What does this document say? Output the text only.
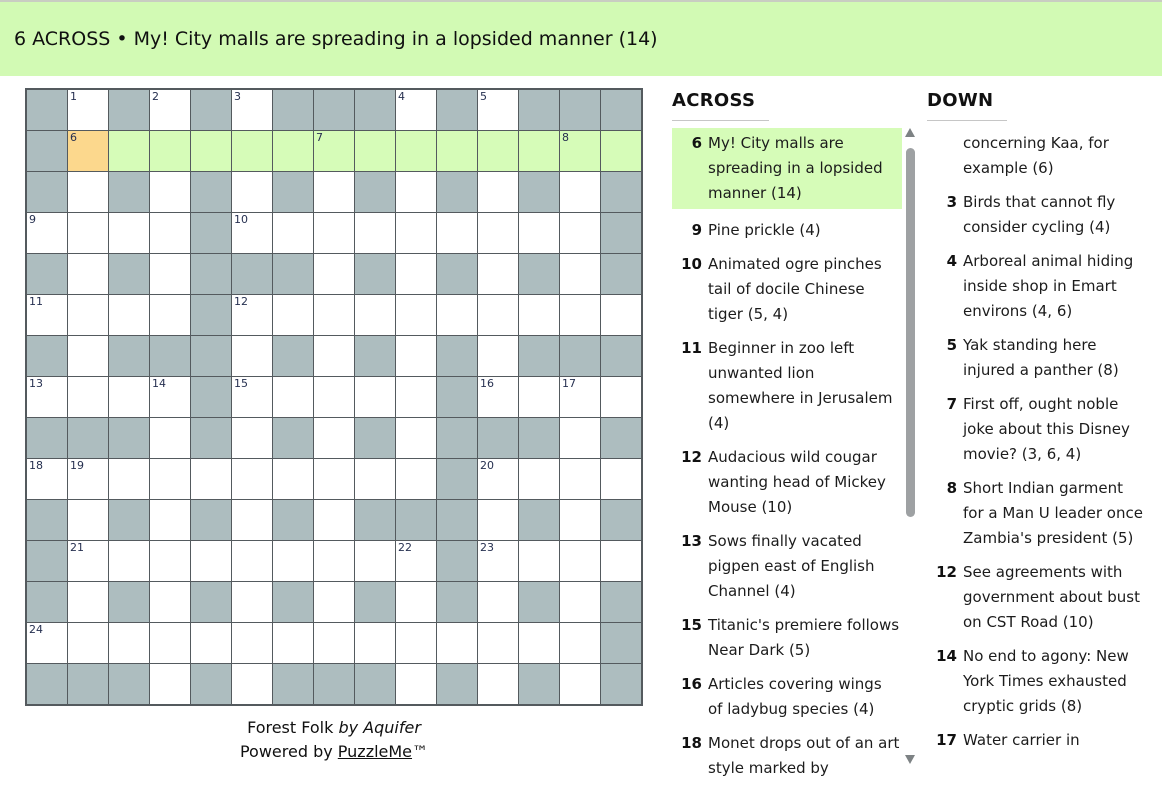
6 ACROSS • My! City malls are spreading in a lopsided manner (14)
1	2	3	4	5
6	7	8
9	10
11	12
13	14	15	16	17
18 19	20
21	22	23
24
ACROSS
6 My! City malls are spreading in a lopsided manner (14)
9 Pine prickle (4)
10 Animated ogre pinches tail of docile Chinese tiger (5, 4)
11 Beginner in zoo left unwanted lion somewhere in Jerusalem (4)
12 Audacious wild cougar wanting head of Mickey Mouse (10)
13 Sows finally vacated pigpen east of English Channel (4)
15 Titanic's premiere follows Near Dark (5)
16 Articles covering wings of ladybug species (4)
18 Monet drops out of an art style marked by
DOWN
concerning Kaa, for example (6)
3 Birds that cannot fly consider cycling (4)
4 Arboreal animal hiding inside shop in Emart environs (4, 6)
5 Yak standing here injured a panther (8)
7 First off, ought noble joke about this Disney movie? (3, 6, 4)
8 Short Indian garment for a Man U leader once Zambia's president (5)
12 See agreements with government about bust on CST Road (10)
14 No end to agony: New York Times exhausted cryptic grids (8)
17 Water carrier in
Forest Folk by Aquifer
Powered by PuzzleMe™
